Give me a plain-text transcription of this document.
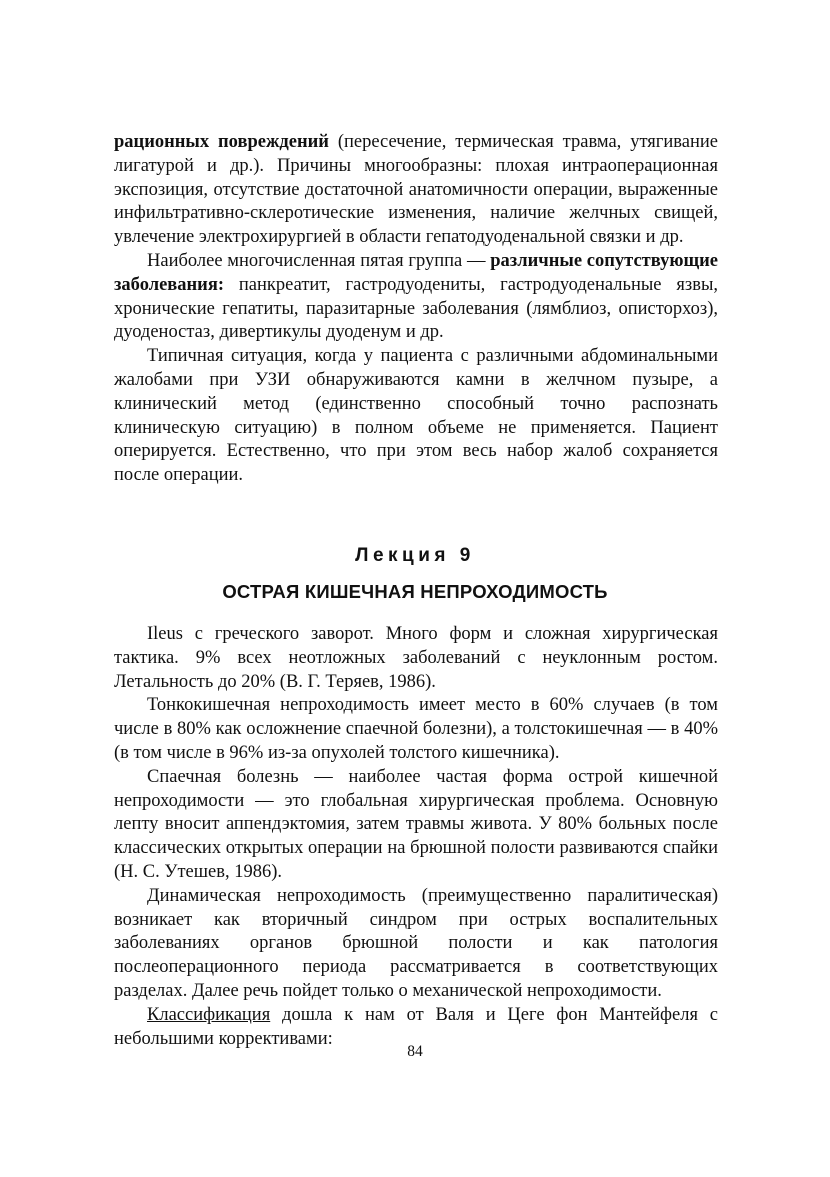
рационных повреждений (пересечение, термическая травма, утягивание лигатурой и др.). Причины многообразны: плохая интраоперационная экспозиция, отсутствие достаточной анатомичности операции, выраженные инфильтративно-склеротические изменения, наличие желчных свищей, увлечение электрохирургией в области гепатодуоденальной связки и др.

Наиболее многочисленная пятая группа — различные сопутствующие заболевания: панкреатит, гастродуодениты, гастродуоденальные язвы, хронические гепатиты, паразитарные заболевания (лямблиоз, описторхоз), дуоденостаз, дивертикулы дуоденум и др.

Типичная ситуация, когда у пациента с различными абдоминальными жалобами при УЗИ обнаруживаются камни в желчном пузыре, а клинический метод (единственно способный точно распознать клиническую ситуацию) в полном объеме не применяется. Пациент оперируется. Естественно, что при этом весь набор жалоб сохраняется после операции.

Лекция 9
ОСТРАЯ КИШЕЧНАЯ НЕПРОХОДИМОСТЬ

Ileus с греческого заворот. Много форм и сложная хирургическая тактика. 9% всех неотложных заболеваний с неуклонным ростом. Летальность до 20% (В. Г. Теряев, 1986).

Тонкокишечная непроходимость имеет место в 60% случаев (в том числе в 80% как осложнение спаечной болезни), а толстокишечная — в 40% (в том числе в 96% из-за опухолей толстого кишечника).

Спаечная болезнь — наиболее частая форма острой кишечной непроходимости — это глобальная хирургическая проблема. Основную лепту вносит аппендэктомия, затем травмы живота. У 80% больных после классических открытых операции на брюшной полости развиваются спайки (Н. С. Утешев, 1986).

Динамическая непроходимость (преимущественно паралитическая) возникает как вторичный синдром при острых воспалительных заболеваниях органов брюшной полости и как патология послеоперационного периода рассматривается в соответствующих разделах. Далее речь пойдет только о механической непроходимости.

Классификация дошла к нам от Валя и Цеге фон Мантейфеля с небольшими коррективами:

84
